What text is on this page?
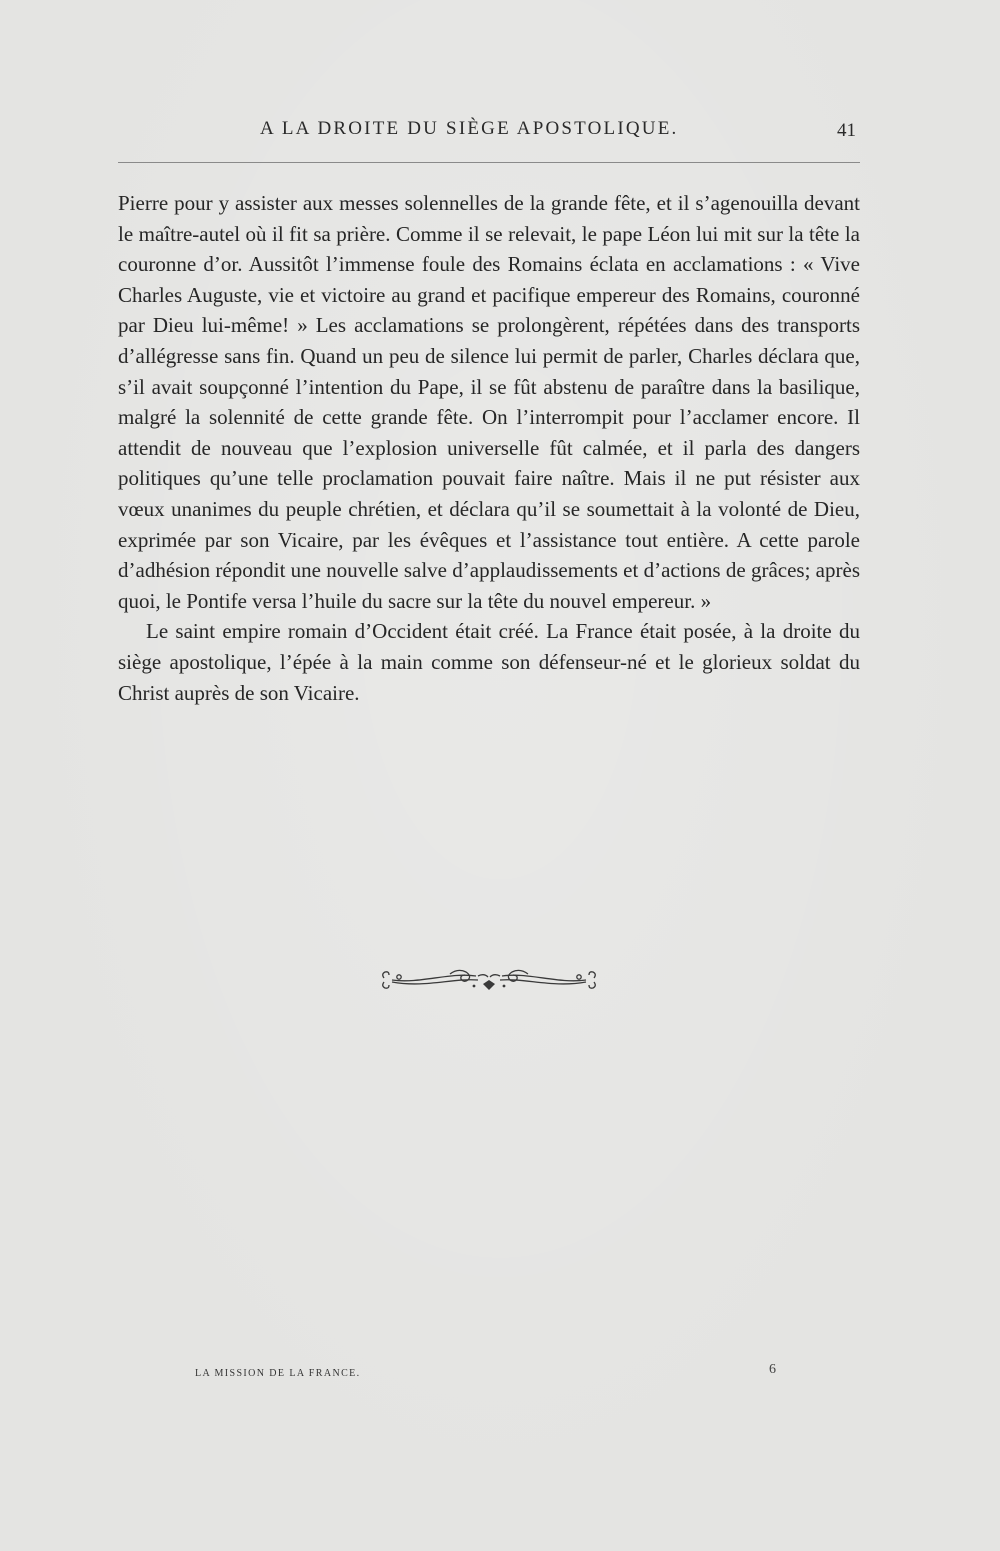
A LA DROITE DU SIÈGE APOSTOLIQUE.	41

Pierre pour y assister aux messes solennelles de la grande fête, et il s’agenouilla devant le maître-autel où il fit sa prière. Comme il se relevait, le pape Léon lui mit sur la tête la couronne d’or. Aussitôt l’immense foule des Romains éclata en acclamations : « Vive Charles Auguste, vie et victoire au grand et pacifique empereur des Romains, couronné par Dieu lui-même! » Les acclamations se prolongèrent, répétées dans des transports d’allégresse sans fin. Quand un peu de silence lui permit de parler, Charles déclara que, s’il avait soupçonné l’intention du Pape, il se fût abstenu de paraître dans la basilique, malgré la solennité de cette grande fête. On l’interrompit pour l’acclamer encore. Il attendit de nouveau que l’explosion universelle fût calmée, et il parla des dangers politiques qu’une telle proclamation pouvait faire naître. Mais il ne put résister aux vœux unanimes du peuple chrétien, et déclara qu’il se soumettait à la volonté de Dieu, exprimée par son Vicaire, par les évêques et l’assistance tout entière. A cette parole d’adhésion répondit une nouvelle salve d’applaudissements et d’actions de grâces; après quoi, le Pontife versa l’huile du sacre sur la tête du nouvel empereur. »

Le saint empire romain d’Occident était créé. La France était posée, à la droite du siège apostolique, l’épée à la main comme son défenseur-né et le glorieux soldat du Christ auprès de son Vicaire.

LA MISSION DE LA FRANCE.	6
